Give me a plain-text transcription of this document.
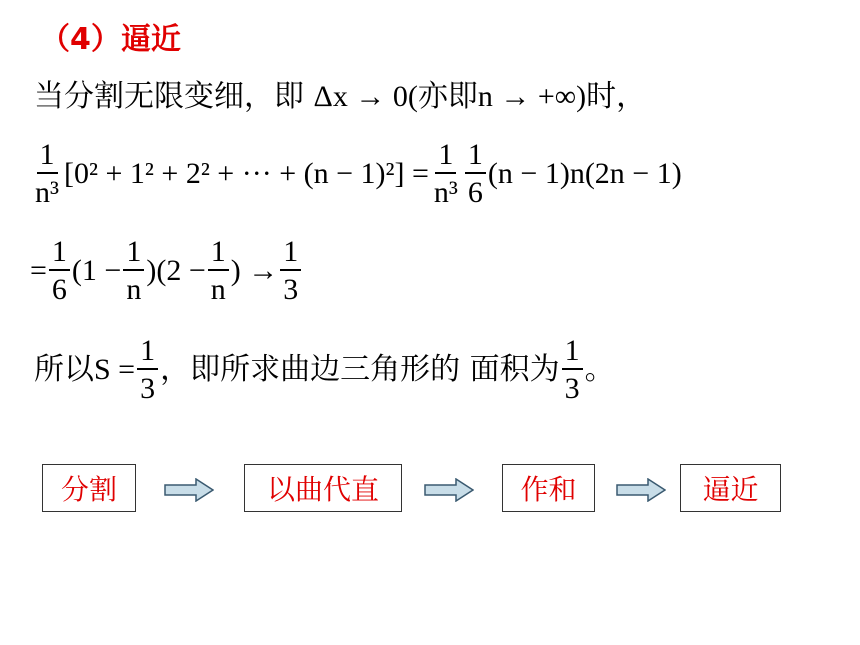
（4）逼近
当分割无限变细，即 Δx → 0(亦即n → +∞)时，
$\frac{1}{\text{n³}} [0^2 + 1^2 + 2^2$ + ··· + $(n - 1)^2] = \frac{1}{\text{n³}} \frac{1}{6} (n - 1)n(2n - 1)$
= $\frac{1}{6} (1 - \frac{1}{n} )(2 - \frac{1}{n}$ ) → $\frac{1}{3}$
所以 $S = \frac{1}{3}$ ，即所求曲边三角形的 面积为 $\frac{1}{3}$ 。
分割	以曲代直	作和	逼近
